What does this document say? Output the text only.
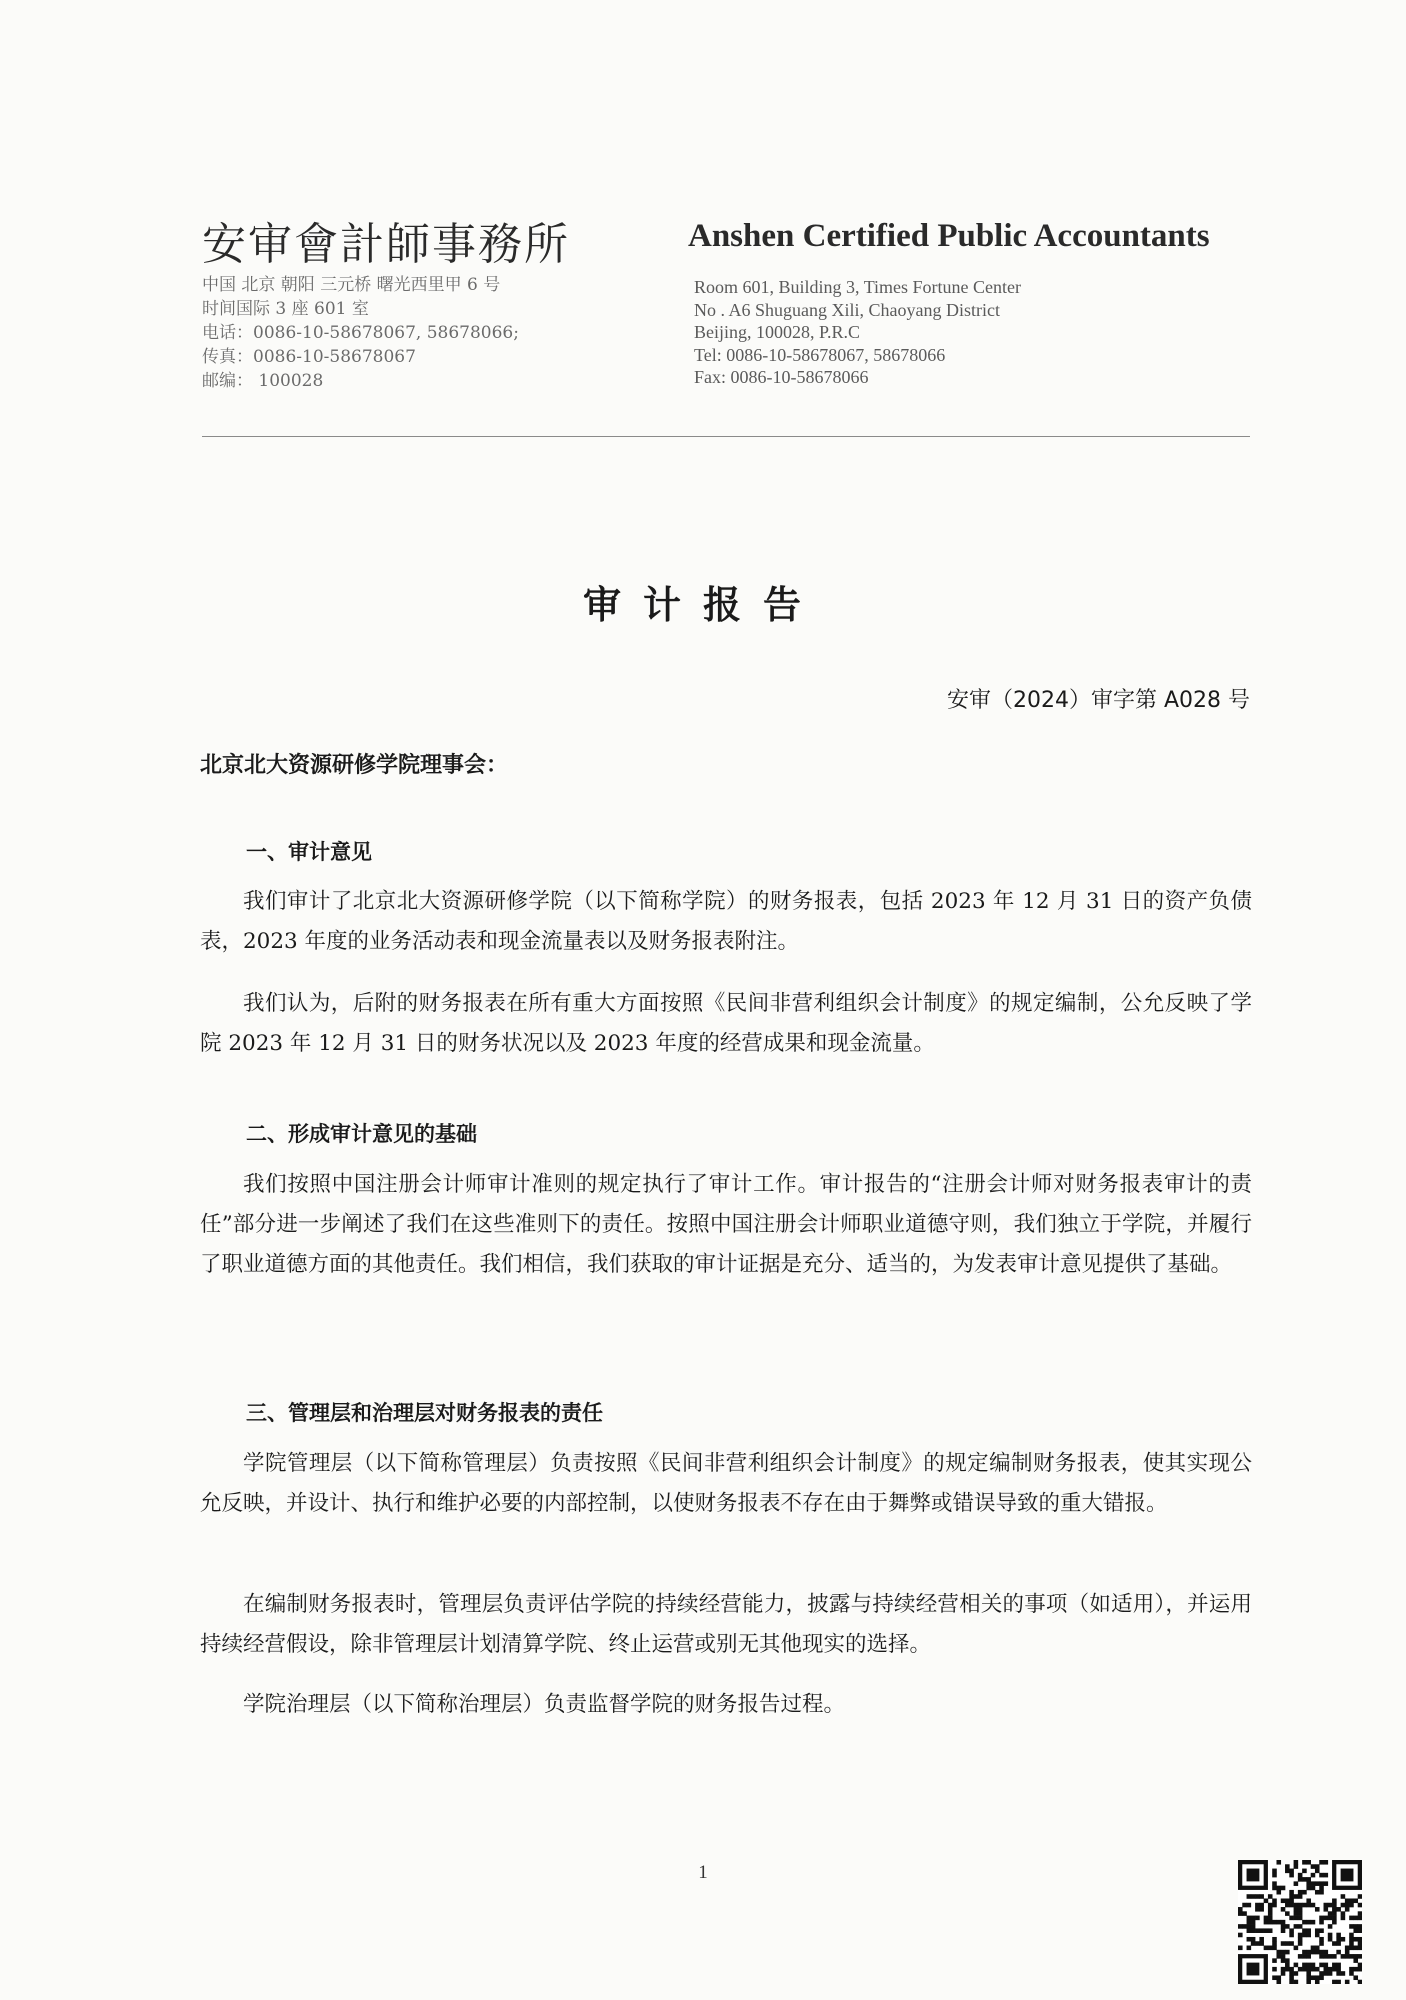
安审會計師事務所	Anshen Certified Public Accountants
中国 北京 朝阳 三元桥 曙光西里甲 6 号
时间国际 3 座 601 室
电话：0086-10-58678067, 58678066;
传真：0086-10-58678067
邮编： 100028
Room 601, Building 3, Times Fortune Center
No . A6 Shuguang Xili, Chaoyang District
Beijing, 100028, P.R.C
Tel: 0086-10-58678067, 58678066
Fax: 0086-10-58678066
审计报告
安审（2024）审字第 A028 号
北京北大资源研修学院理事会：
一、审计意见
我们审计了北京北大资源研修学院（以下简称学院）的财务报表，包括 2023 年 12 月 31 日的资产负债表，2023 年度的业务活动表和现金流量表以及财务报表附注。
我们认为，后附的财务报表在所有重大方面按照《民间非营利组织会计制度》的规定编制，公允反映了学院 2023 年 12 月 31 日的财务状况以及 2023 年度的经营成果和现金流量。
二、形成审计意见的基础
我们按照中国注册会计师审计准则的规定执行了审计工作。审计报告的“注册会计师对财务报表审计的责任”部分进一步阐述了我们在这些准则下的责任。按照中国注册会计师职业道德守则，我们独立于学院，并履行了职业道德方面的其他责任。我们相信，我们获取的审计证据是充分、适当的，为发表审计意见提供了基础。
三、管理层和治理层对财务报表的责任
学院管理层（以下简称管理层）负责按照《民间非营利组织会计制度》的规定编制财务报表，使其实现公允反映，并设计、执行和维护必要的内部控制，以使财务报表不存在由于舞弊或错误导致的重大错报。
在编制财务报表时，管理层负责评估学院的持续经营能力，披露与持续经营相关的事项（如适用），并运用持续经营假设，除非管理层计划清算学院、终止运营或别无其他现实的选择。
学院治理层（以下简称治理层）负责监督学院的财务报告过程。
1
